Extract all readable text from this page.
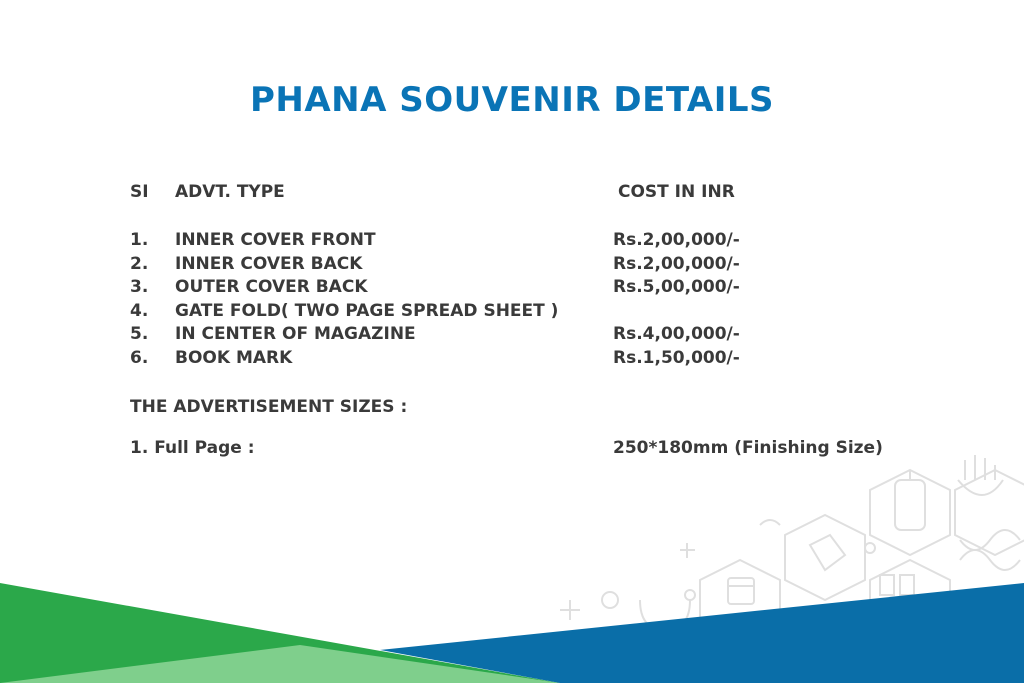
PHANA SOUVENIR DETAILS
SI ADVT. TYPE	COST IN INR
1. INNER COVER FRONT	Rs.2,00,000/-
2. INNER COVER BACK	Rs.2,00,000/-
3. OUTER COVER BACK	Rs.5,00,000/-
4. GATE FOLD( TWO PAGE SPREAD SHEET )
5. IN CENTER OF MAGAZINE	Rs.4,00,000/-
6. BOOK MARK	Rs.1,50,000/-
THE ADVERTISEMENT SIZES :
1. Full Page :	250*180mm (Finishing Size)
